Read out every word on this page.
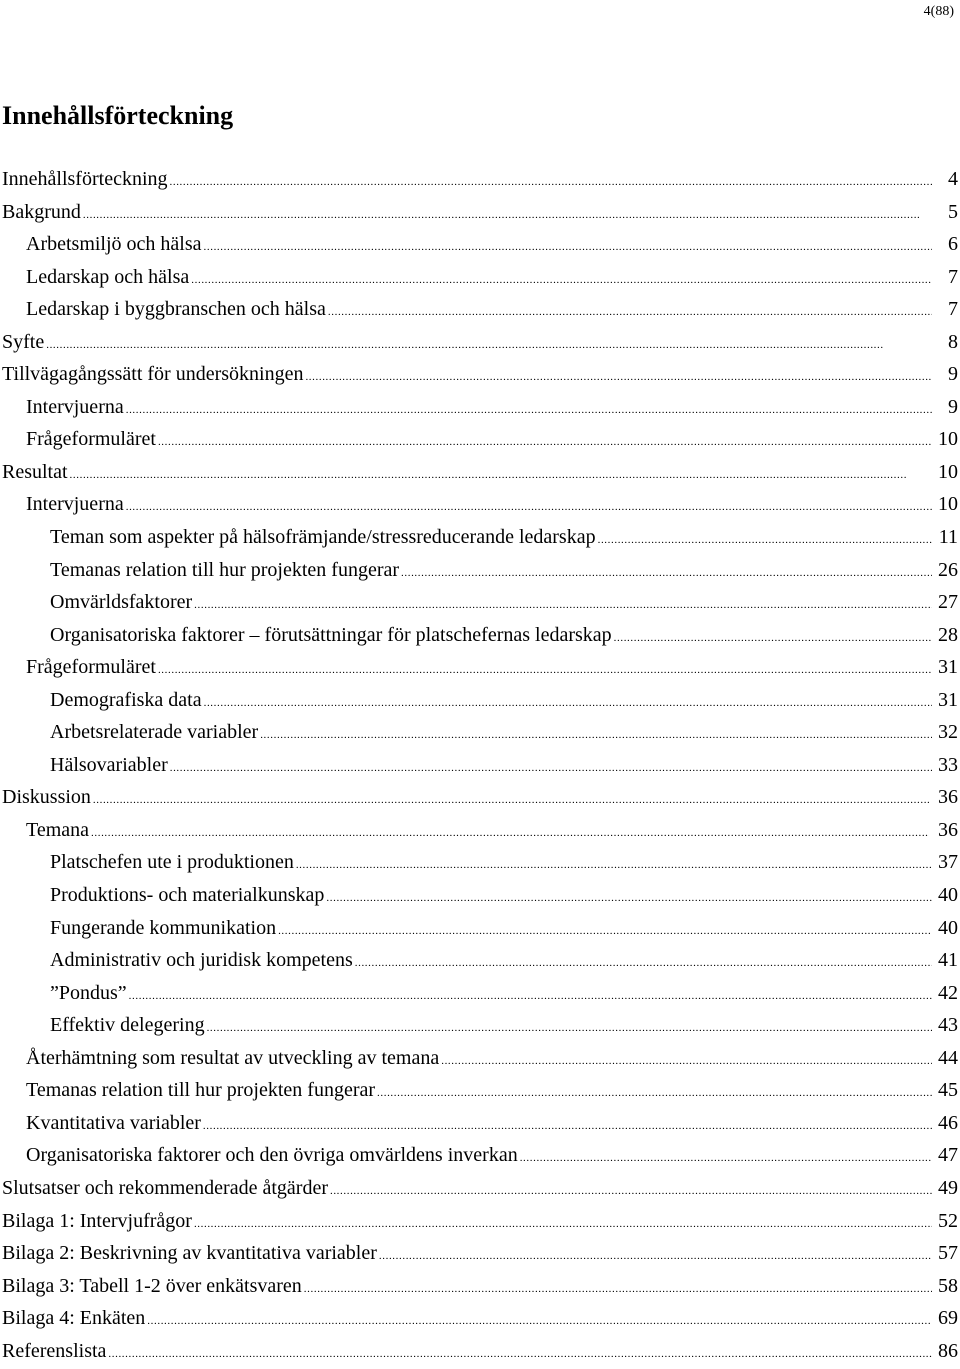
4(88)
Innehållsförteckning
Innehållsförteckning .....	4
Bakgrund .....	5
Arbetsmiljö och hälsa .....	6
Ledarskap och hälsa .....	7
Ledarskap i byggbranschen och hälsa .....	7
Syfte .....	8
Tillvägagångssätt för undersökningen .....	9
Intervjuerna .....	9
Frågeformuläret .....	10
Resultat .....	10
Intervjuerna .....	10
Teman som aspekter på hälsofrämjande/stressreducerande ledarskap .....	11
Temanas relation till hur projekten fungerar .....	26
Omvärldsfaktorer .....	27
Organisatoriska faktorer – förutsättningar för platschefernas ledarskap .....	28
Frågeformuläret .....	31
Demografiska data .....	31
Arbetsrelaterade variabler .....	32
Hälsovariabler .....	33
Diskussion .....	36
Temana .....	36
Platschefen ute i produktionen .....	37
Produktions- och materialkunskap .....	40
Fungerande kommunikation .....	40
Administrativ och juridisk kompetens .....	41
”Pondus” .....	42
Effektiv delegering .....	43
Återhämtning som resultat av utveckling av temana .....	44
Temanas relation till hur projekten fungerar .....	45
Kvantitativa variabler .....	46
Organisatoriska faktorer och den övriga omvärldens inverkan .....	47
Slutsatser och rekommenderade åtgärder .....	49
Bilaga 1: Intervjufrågor .....	52
Bilaga 2: Beskrivning av kvantitativa variabler .....	57
Bilaga 3: Tabell 1-2 över enkätsvaren .....	58
Bilaga 4: Enkäten .....	69
Referenslista .....	86
